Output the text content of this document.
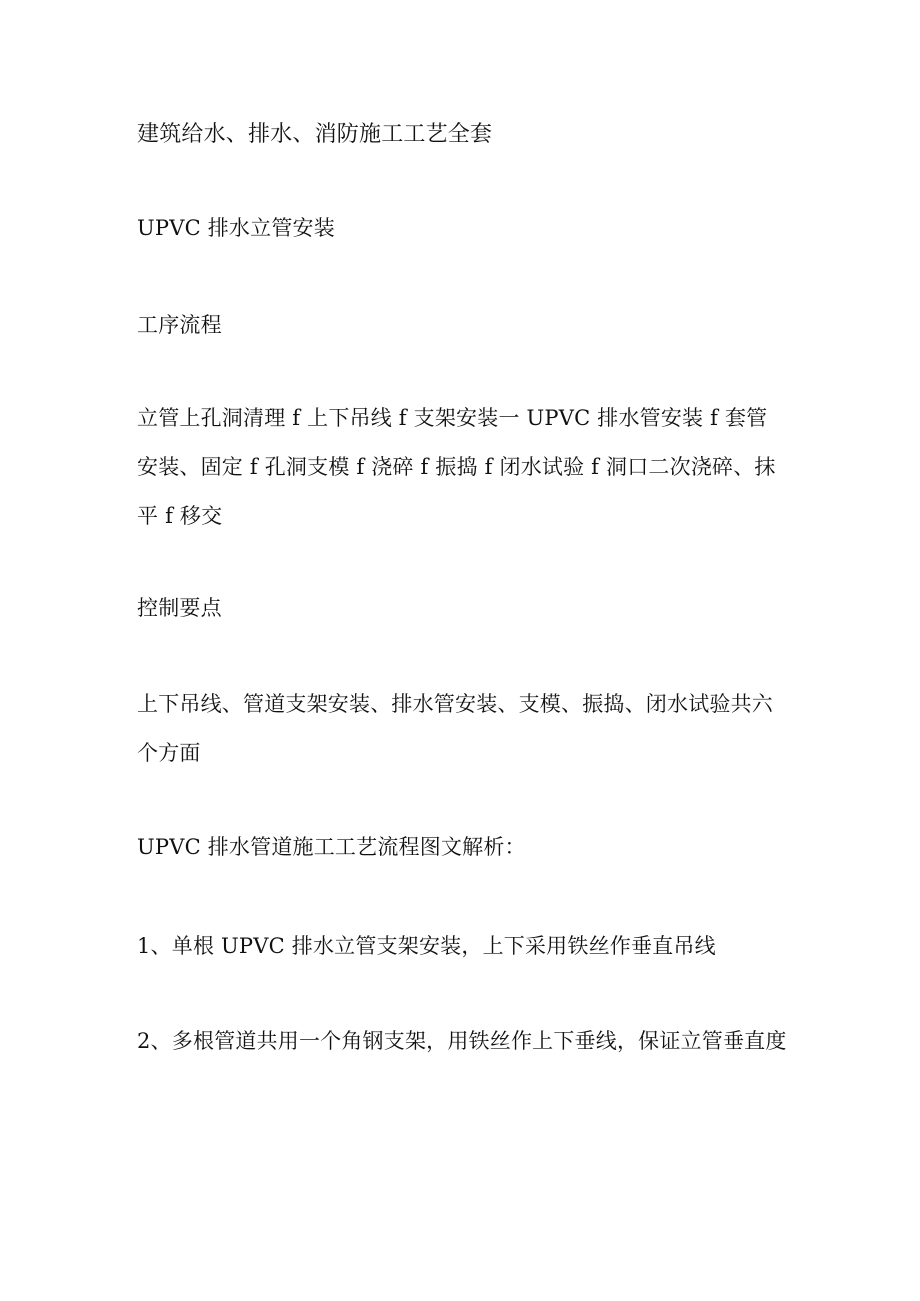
建筑给水、排水、消防施工工艺全套

UPVC 排水立管安装

工序流程

立管上孔洞清理 f 上下吊线 f 支架安装一 UPVC 排水管安装 f 套管安装、固定 f 孔洞支模 f 浇碎 f 振捣 f 闭水试验 f 洞口二次浇碎、抹平 f 移交

控制要点

上下吊线、管道支架安装、排水管安装、支模、振捣、闭水试验共六个方面

UPVC 排水管道施工工艺流程图文解析：

1、单根 UPVC 排水立管支架安装，上下采用铁丝作垂直吊线

2、多根管道共用一个角钢支架，用铁丝作上下垂线，保证立管垂直度
